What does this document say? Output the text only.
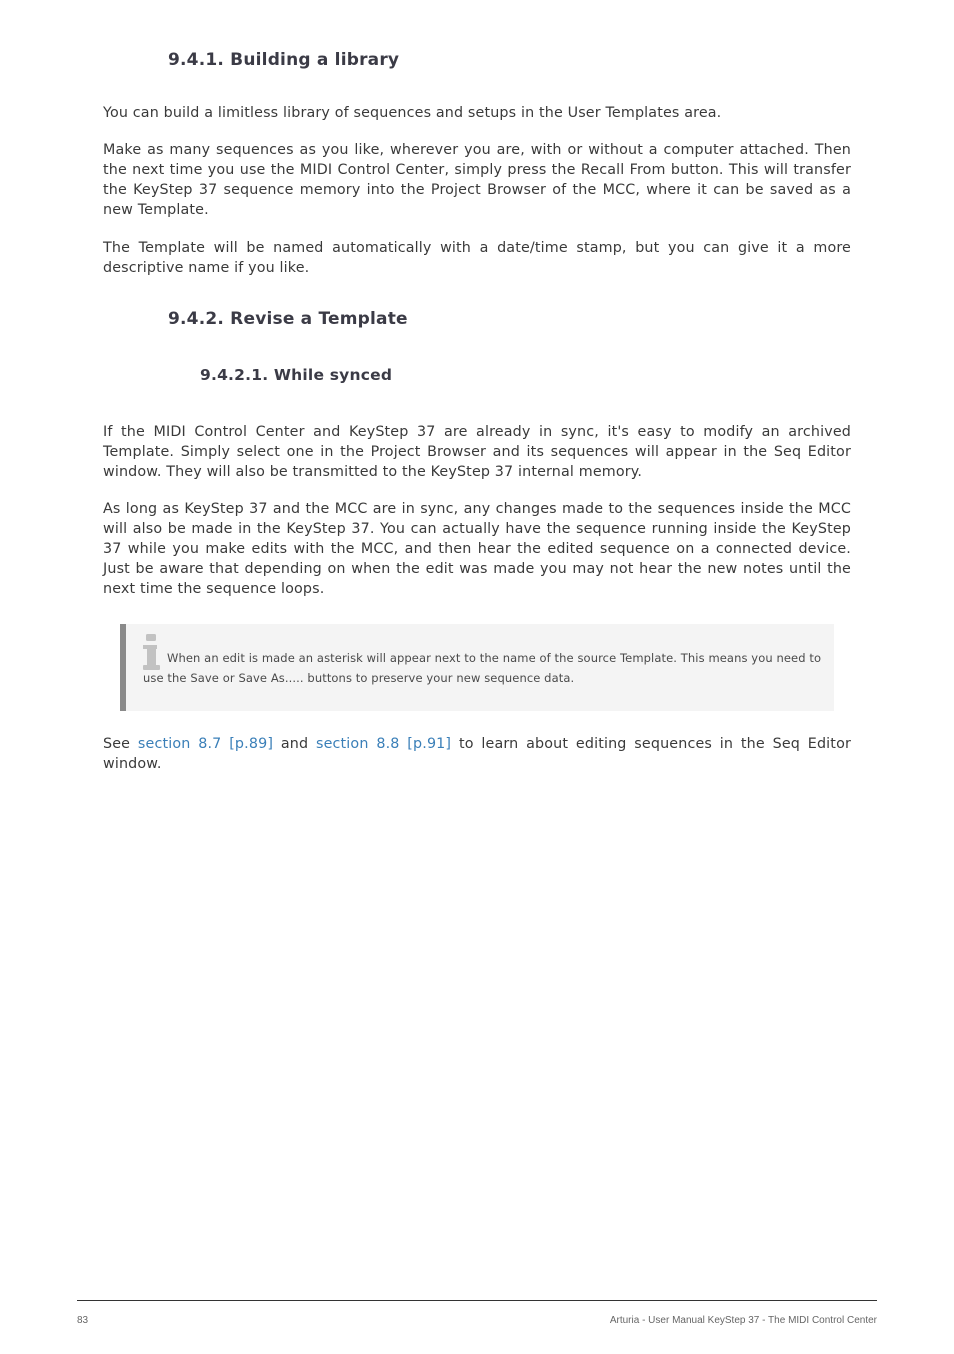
9.4.1. Building a library

You can build a limitless library of sequences and setups in the User Templates area.

Make as many sequences as you like, wherever you are, with or without a computer attached. Then the next time you use the MIDI Control Center, simply press the Recall From button. This will transfer the KeyStep 37 sequence memory into the Project Browser of the MCC, where it can be saved as a new Template.

The Template will be named automatically with a date/time stamp, but you can give it a more descriptive name if you like.

9.4.2. Revise a Template
9.4.2.1. While synced

If the MIDI Control Center and KeyStep 37 are already in sync, it's easy to modify an archived Template. Simply select one in the Project Browser and its sequences will appear in the Seq Editor window. They will also be transmitted to the KeyStep 37 internal memory.

As long as KeyStep 37 and the MCC are in sync, any changes made to the sequences inside the MCC will also be made in the KeyStep 37. You can actually have the sequence running inside the KeyStep 37 while you make edits with the MCC, and then hear the edited sequence on a connected device. Just be aware that depending on when the edit was made you may not hear the new notes until the next time the sequence loops.

When an edit is made an asterisk will appear next to the name of the source Template. This means you need to use the Save or Save As..... buttons to preserve your new sequence data.

See section 8.7 [p.89] and section 8.8 [p.91] to learn about editing sequences in the Seq Editor window.

83	Arturia - User Manual KeyStep 37 - The MIDI Control Center
